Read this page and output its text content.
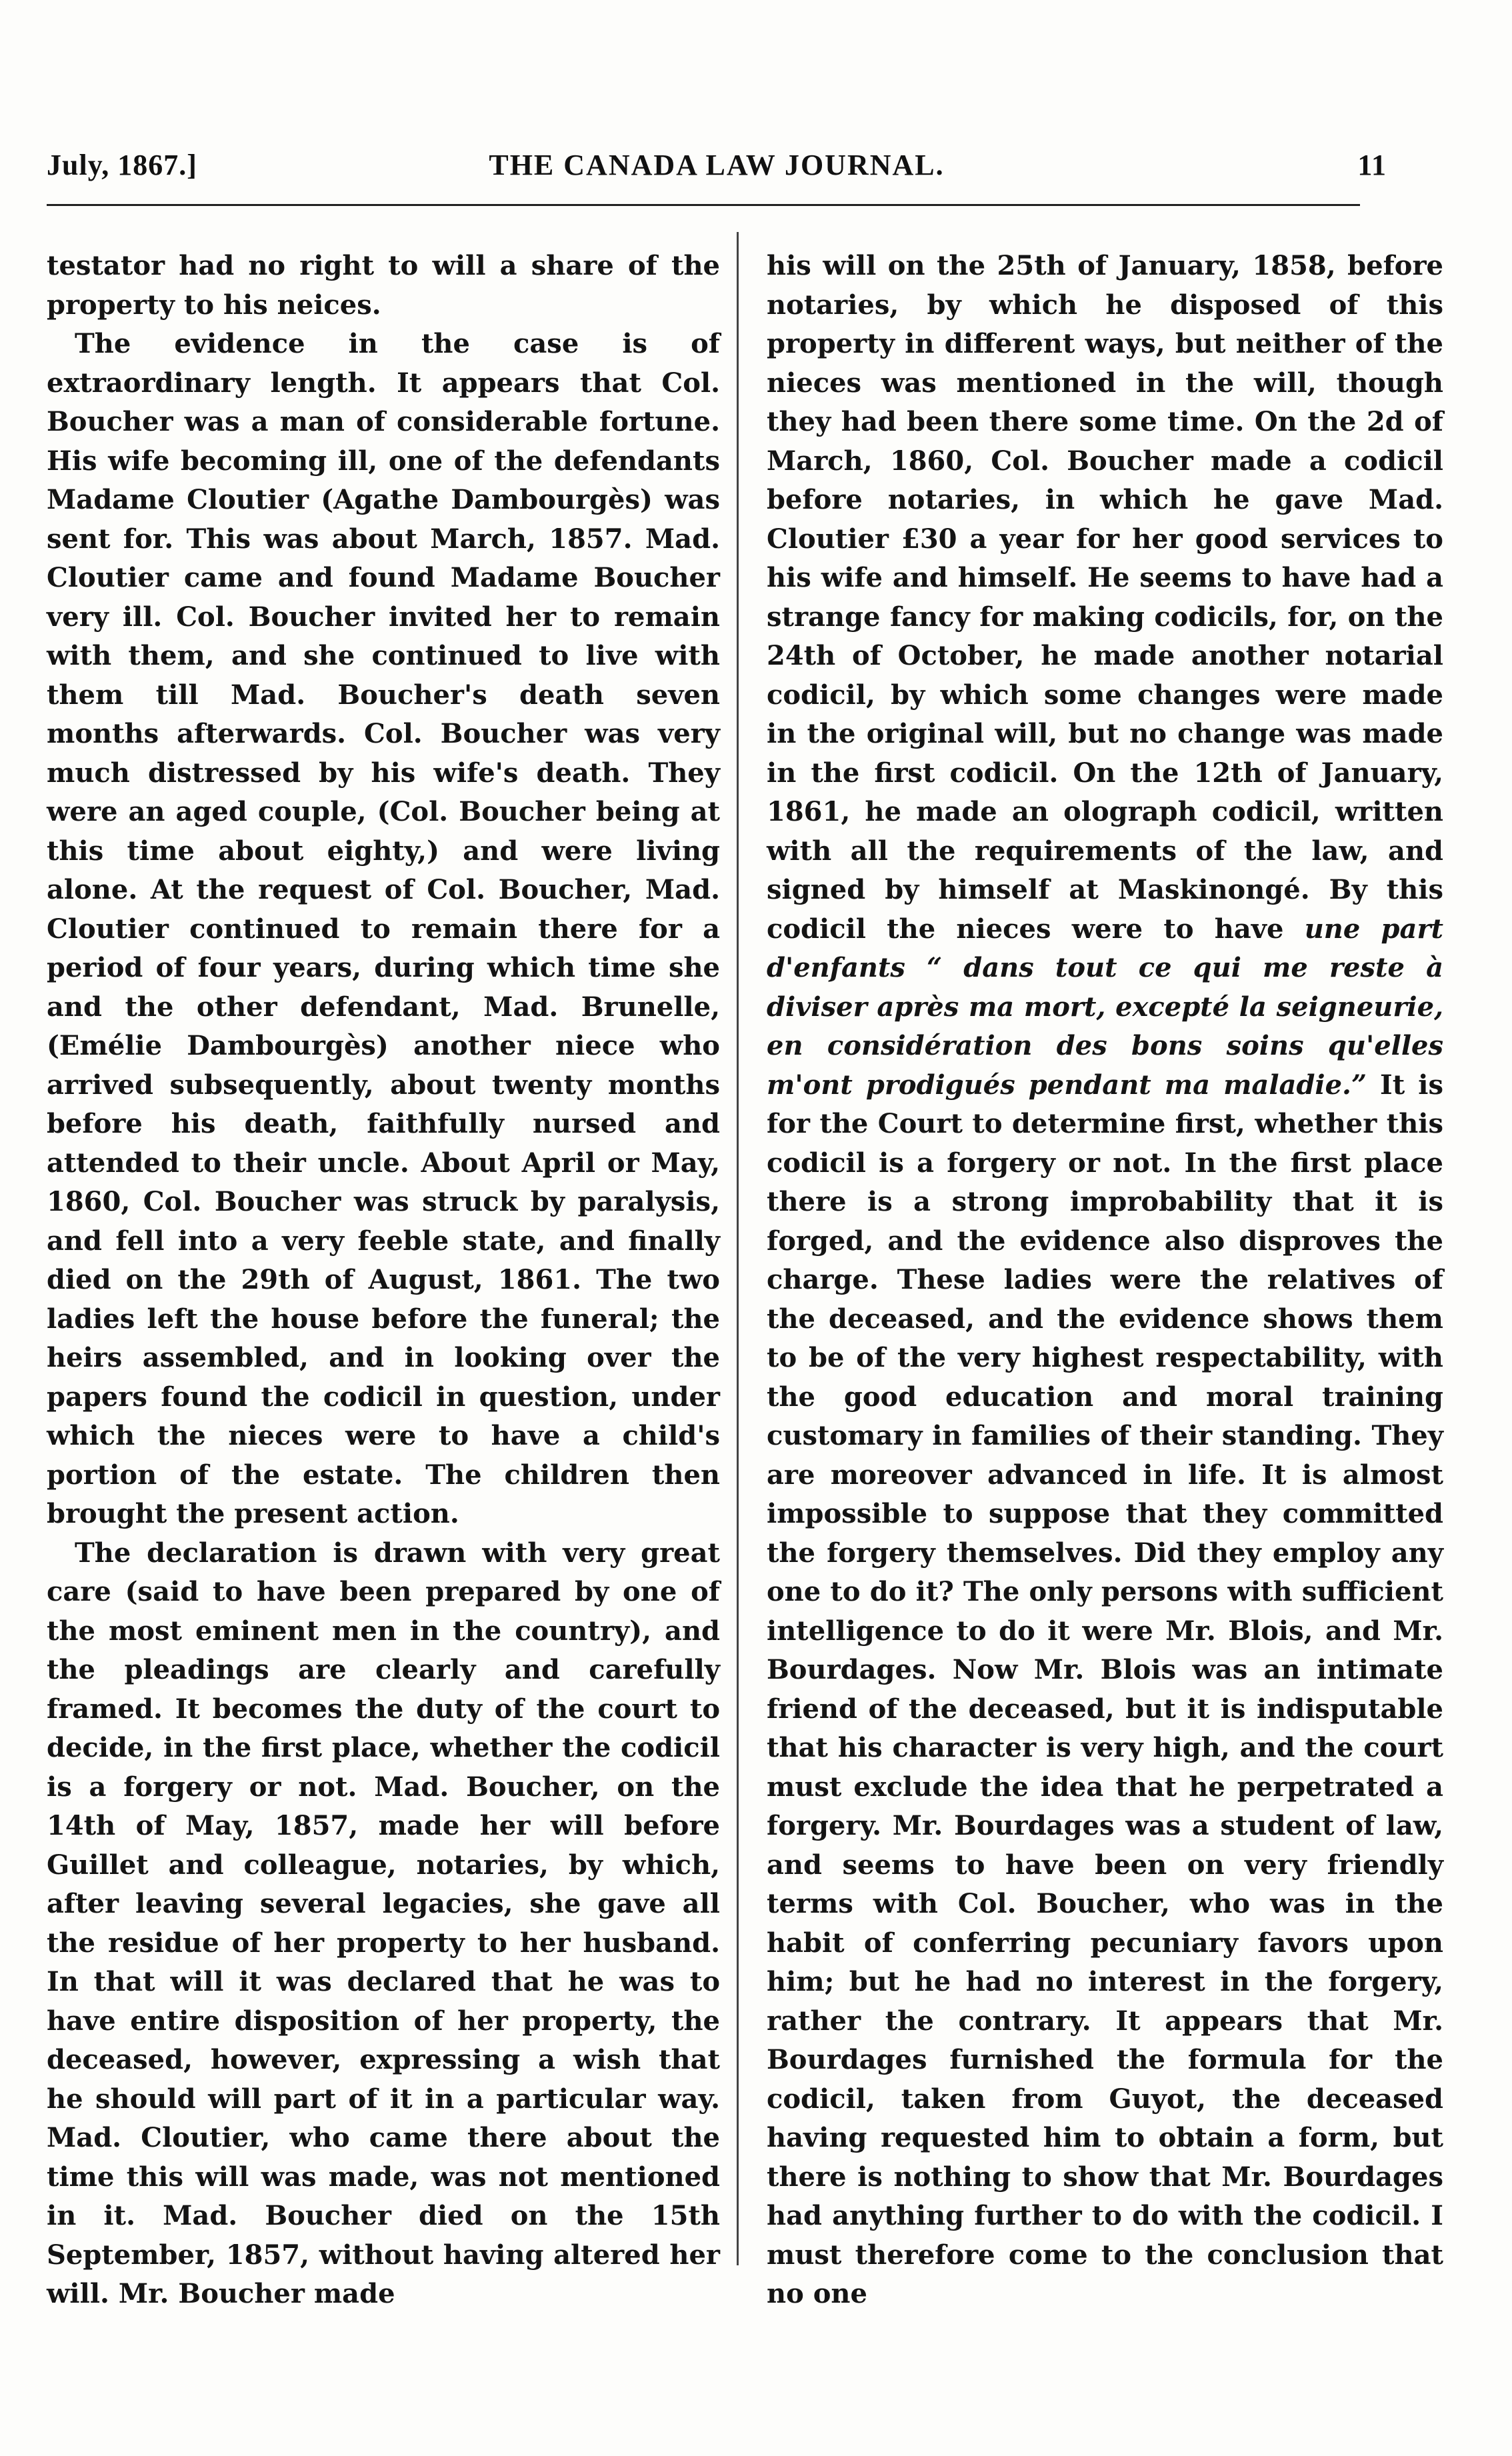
July, 1867.]	THE CANADA LAW JOURNAL.	11

testator had no right to will a share of the property to his neices.

The evidence in the case is of extraordinary length. It appears that Col. Boucher was a man of considerable fortune. His wife becoming ill, one of the defendants Madame Cloutier (Agathe Dambourgès) was sent for. This was about March, 1857. Mad. Cloutier came and found Madame Boucher very ill. Col. Boucher invited her to remain with them, and she continued to live with them till Mad. Boucher's death seven months afterwards. Col. Boucher was very much distressed by his wife's death. They were an aged couple, (Col. Boucher being at this time about eighty,) and were living alone. At the request of Col. Boucher, Mad. Cloutier continued to remain there for a period of four years, during which time she and the other defendant, Mad. Brunelle, (Emélie Dambourgès) another niece who arrived subsequently, about twenty months before his death, faithfully nursed and attended to their uncle. About April or May, 1860, Col. Boucher was struck by paralysis, and fell into a very feeble state, and finally died on the 29th of August, 1861. The two ladies left the house before the funeral; the heirs assembled, and in looking over the papers found the codicil in question, under which the nieces were to have a child's portion of the estate. The children then brought the present action.

The declaration is drawn with very great care (said to have been prepared by one of the most eminent men in the country), and the pleadings are clearly and carefully framed. It becomes the duty of the court to decide, in the first place, whether the codicil is a forgery or not. Mad. Boucher, on the 14th of May, 1857, made her will before Guillet and colleague, notaries, by which, after leaving several legacies, she gave all the residue of her property to her husband. In that will it was declared that he was to have entire disposition of her property, the deceased, however, expressing a wish that he should will part of it in a particular way. Mad. Cloutier, who came there about the time this will was made, was not mentioned in it. Mad. Boucher died on the 15th September, 1857, without having altered her will. Mr. Boucher made

his will on the 25th of January, 1858, before notaries, by which he disposed of this property in different ways, but neither of the nieces was mentioned in the will, though they had been there some time. On the 2d of March, 1860, Col. Boucher made a codicil before notaries, in which he gave Mad. Cloutier £30 a year for her good services to his wife and himself. He seems to have had a strange fancy for making codicils, for, on the 24th of October, he made another notarial codicil, by which some changes were made in the original will, but no change was made in the first codicil. On the 12th of January, 1861, he made an olograph codicil, written with all the requirements of the law, and signed by himself at Maskinongé. By this codicil the nieces were to have une part d'enfants “ dans tout ce qui me reste à diviser après ma mort, excepté la seigneurie, en considération des bons soins qu'elles m'ont prodigués pendant ma maladie.” It is for the Court to determine first, whether this codicil is a forgery or not. In the first place there is a strong improbability that it is forged, and the evidence also disproves the charge. These ladies were the relatives of the deceased, and the evidence shows them to be of the very highest respectability, with the good education and moral training customary in families of their standing. They are moreover advanced in life. It is almost impossible to suppose that they committed the forgery themselves. Did they employ any one to do it? The only persons with sufficient intelligence to do it were Mr. Blois, and Mr. Bourdages. Now Mr. Blois was an intimate friend of the deceased, but it is indisputable that his character is very high, and the court must exclude the idea that he perpetrated a forgery. Mr. Bourdages was a student of law, and seems to have been on very friendly terms with Col. Boucher, who was in the habit of conferring pecuniary favors upon him; but he had no interest in the forgery, rather the contrary. It appears that Mr. Bourdages furnished the formula for the codicil, taken from Guyot, the deceased having requested him to obtain a form, but there is nothing to show that Mr. Bourdages had anything further to do with the codicil. I must therefore come to the conclusion that no one
